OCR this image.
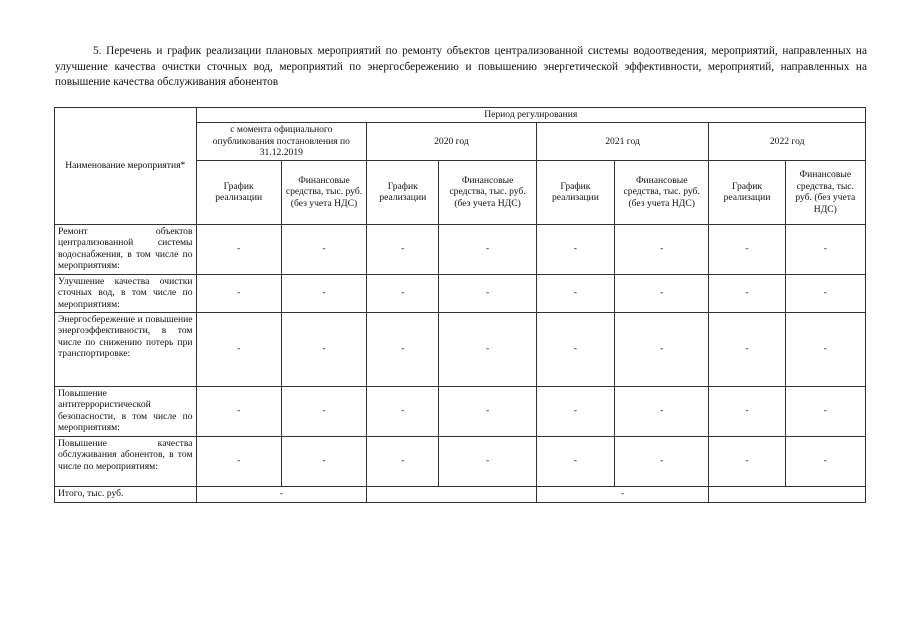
5. Перечень и график реализации плановых мероприятий по ремонту объектов централизованной системы водоотведения, мероприятий, направленных на улучшение качества очистки сточных вод, мероприятий по энергосбережению и повышению энергетической эффективности, мероприятий, направленных на повышение качества обслуживания абонентов
Наименование мероприятия*	Период регулирования							
	с момента официального опубликования постановления по 31.12.2019		2020 год		2021 год		2022 год	
	График реализации	Финансовые средства, тыс. руб. (без учета НДС)	График реализации	Финансовые средства, тыс. руб. (без учета НДС)	График реализации	Финансовые средства, тыс. руб. (без учета НДС)	График реализации	Финансовые средства, тыс. руб. (без учета НДС)
Ремонт объектов централизованной системы водоснабжения, в том числе по мероприятиям:	-	-	-	-	-	-	-	-
Улучшение качества очистки сточных вод, в том числе по мероприятиям:	-	-	-	-	-	-	-	-
Энергосбережение и повышение энергоэффективности, в том числе по снижению потерь при транспортировке:	-	-	-	-	-	-	-	-
Повышение антитеррористической безопасности, в том числе по мероприятиям:	-	-	-	-	-	-	-	-
Повышение качества обслуживания абонентов, в том числе по мероприятиям:	-	-	-	-	-	-	-	-
Итого, тыс. руб.	-				-			
